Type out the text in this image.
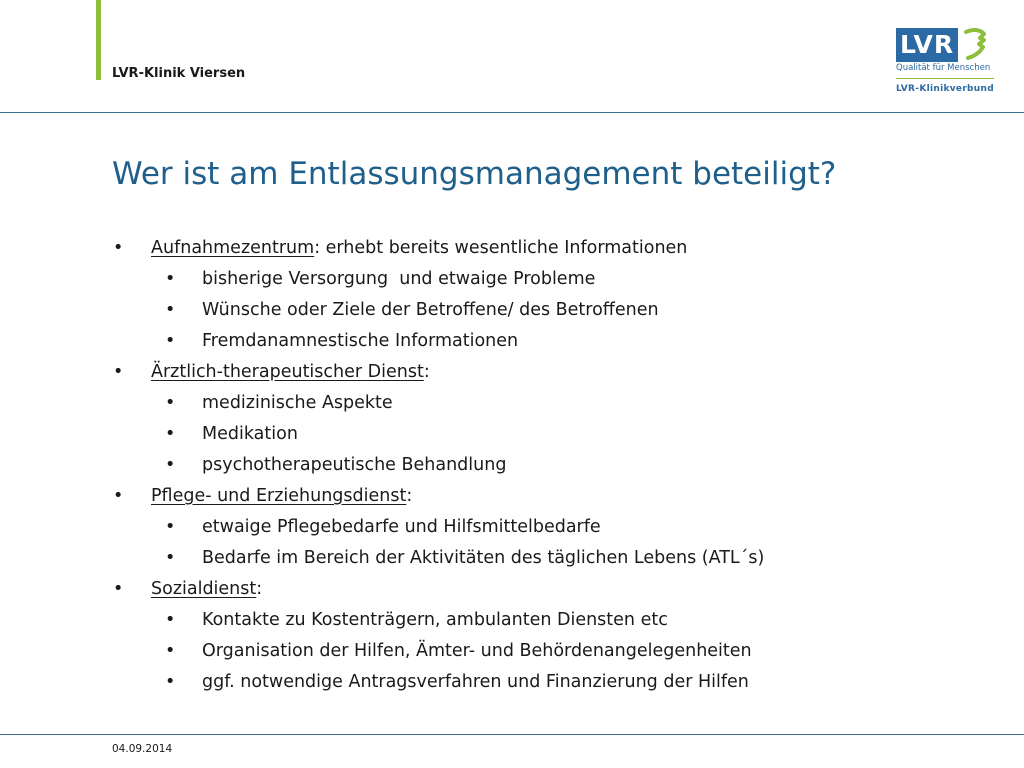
LVR-Klinik Viersen
LVR
Qualität für Menschen
LVR-Klinikverbund
Wer ist am Entlassungsmanagement beteiligt?
• Aufnahmezentrum: erhebt bereits wesentliche Informationen
• bisherige Versorgung  und etwaige Probleme
• Wünsche oder Ziele der Betroffene/ des Betroffenen
• Fremdanamnestische Informationen
• Ärztlich-therapeutischer Dienst:
• medizinische Aspekte
• Medikation
• psychotherapeutische Behandlung
• Pflege- und Erziehungsdienst:
• etwaige Pflegebedarfe und Hilfsmittelbedarfe
• Bedarfe im Bereich der Aktivitäten des täglichen Lebens (ATL´s)
• Sozialdienst:
• Kontakte zu Kostenträgern, ambulanten Diensten etc
• Organisation der Hilfen, Ämter- und Behördenangelegenheiten
• ggf. notwendige Antragsverfahren und Finanzierung der Hilfen
04.09.2014
